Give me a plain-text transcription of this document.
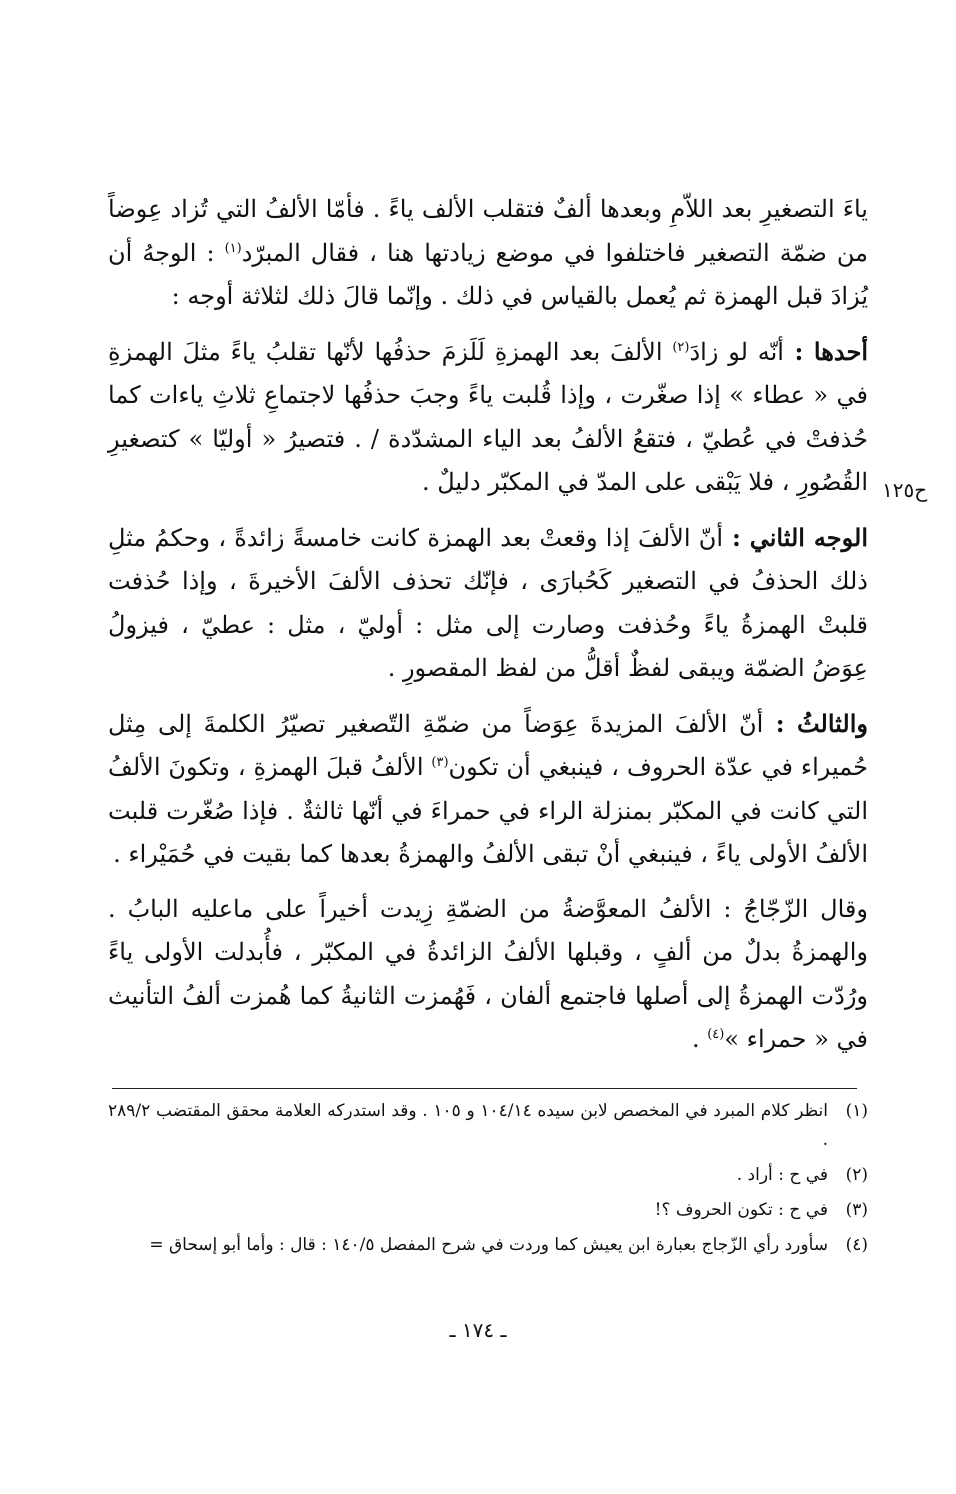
ياءَ التصغيرِ بعد اللاّمِ وبعدها ألفٌ فتقلب الألف ياءً . فأمّا الألفُ التي تُزاد عِوضاً من ضمّة التصغير فاختلفوا في موضع زيادتها هنا ، فقال المبرّد$^{(١)}$ : الوجهُ أن يُزادَ قبل الهمزة ثم يُعمل بالقياس في ذلك . وإنّما قالَ ذلك لثلاثة أوجه :

أحدها : أنّه لو زادَ$^{(٢)}$ الألفَ بعد الهمزةِ لَلَزمَ حذفُها لأنّها تقلبُ ياءً مثلَ الهمزةِ في « عطاء » إذا صغّرت ، وإذا قُلبت ياءً وجبَ حذفُها لاجتماعِ ثلاثِ ياءات كما حُذفتْ في عُطيّ ، فتقعُ الألفُ بعد الياء المشدّدة / . فتصيرُ « أوليّا » كتصغيرِ القُصُورِ ، فلا يَبْقى على المدّ في المكبّر دليلٌ .

الوجه الثاني : أنّ الألفَ إذا وقعتْ بعد الهمزة كانت خامسةً زائدةً ، وحكمُ مثلِ ذلك الحذفُ في التصغير كَحُبارَى ، فإنّك تحذف الألفَ الأخيرةَ ، وإذا حُذفت قلبتْ الهمزةُ ياءً وحُذفت وصارت إلى مثل : أوليّ ، مثل : عطيّ ، فيزولُ عِوَضُ الضمّة ويبقى لفظٌ أقلُّ من لفظ المقصورِ .

والثالثُ : أنّ الألفَ المزيدةَ عِوَضاً من ضمّةِ التّصغير تصيّرُ الكلمةَ إلى مِثل حُميراء في عدّة الحروف ، فينبغي أن تكون$^{(٣)}$ الألفُ قبلَ الهمزةِ ، وتكونَ الألفُ التي كانت في المكبّر بمنزلة الراء في حمراءَ في أنّها ثالثةٌ . فإذا صُغّرت قلبت الألفُ الأولى ياءً ، فينبغي أنْ تبقى الألفُ والهمزةُ بعدها كما بقيت في حُمَيْراء .

وقال الزّجّاجُ : الألفُ المعوَّضةُ من الضمّةِ زِيدت أخيراً على ماعليه البابُ . والهمزةُ بدلٌ من ألفٍ ، وقبلها الألفُ الزائدةُ في المكبّر ، فأُبدلت الأولى ياءً ورُدّت الهمزةُ إلى أصلها فاجتمع ألفان ، فَهُمزت الثانيةُ كما هُمزت ألفُ التأنيث في « حمراء »$^{(٤)}$ .

ح١٢٥
(١)
انظر كلام المبرد في المخصص لابن سيده ١٠٤/١٤ و ١٠٥ . وقد استدركه العلامة محقق المقتضب ٢٨٩/٢ .
(٢)
في ح : أراد .
(٣)
في ح : تكون الحروف ؟!
(٤)
سأورد رأي الزّجاج بعبارة ابن يعيش كما وردت في شرح المفصل ١٤٠/٥ : قال : وأما أبو إسحاق =
ـ ١٧٤ ـ
